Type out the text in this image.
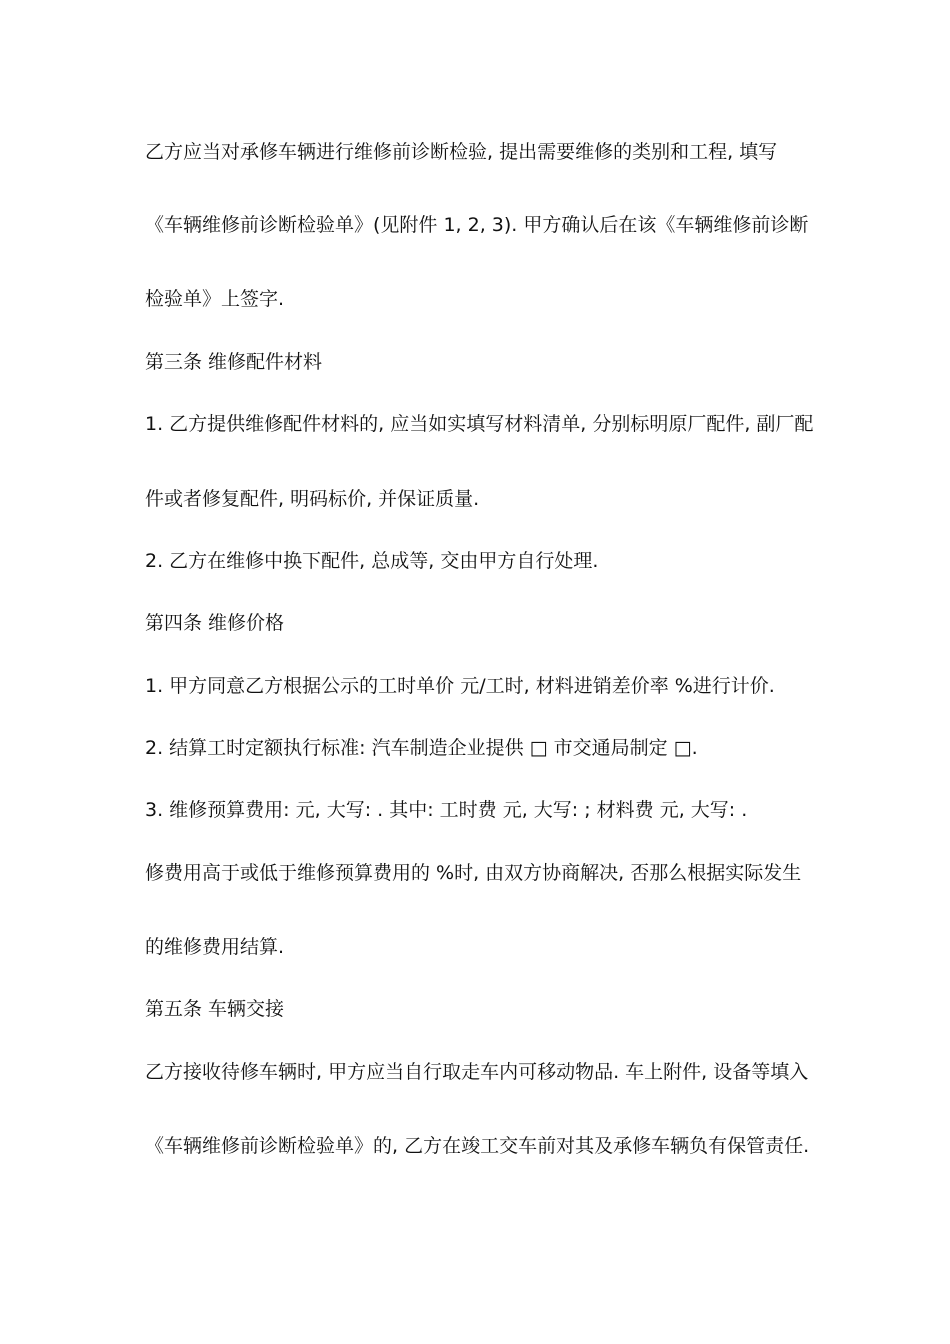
乙方应当对承修车辆进行维修前诊断检验, 提出需要维修的类别和工程, 填写
《车辆维修前诊断检验单》(见附件 1, 2, 3). 甲方确认后在该《车辆维修前诊断
检验单》上签字.
第三条 维修配件材料
1. 乙方提供维修配件材料的, 应当如实填写材料清单, 分别标明原厂配件, 副厂配
件或者修复配件, 明码标价, 并保证质量.
2. 乙方在维修中换下配件, 总成等, 交由甲方自行处理.
第四条 维修价格
1. 甲方同意乙方根据公示的工时单价 元/工时, 材料进销差价率 %进行计价.
2. 结算工时定额执行标准: 汽车制造企业提供 □ 市交通局制定 □.
3. 维修预算费用: 元, 大写: . 其中: 工时费 元, 大写: ; 材料费 元, 大写: .
修费用高于或低于维修预算费用的 %时, 由双方协商解决, 否那么根据实际发生
的维修费用结算.
第五条 车辆交接
乙方接收待修车辆时, 甲方应当自行取走车内可移动物品. 车上附件, 设备等填入
《车辆维修前诊断检验单》的, 乙方在竣工交车前对其及承修车辆负有保管责任.
